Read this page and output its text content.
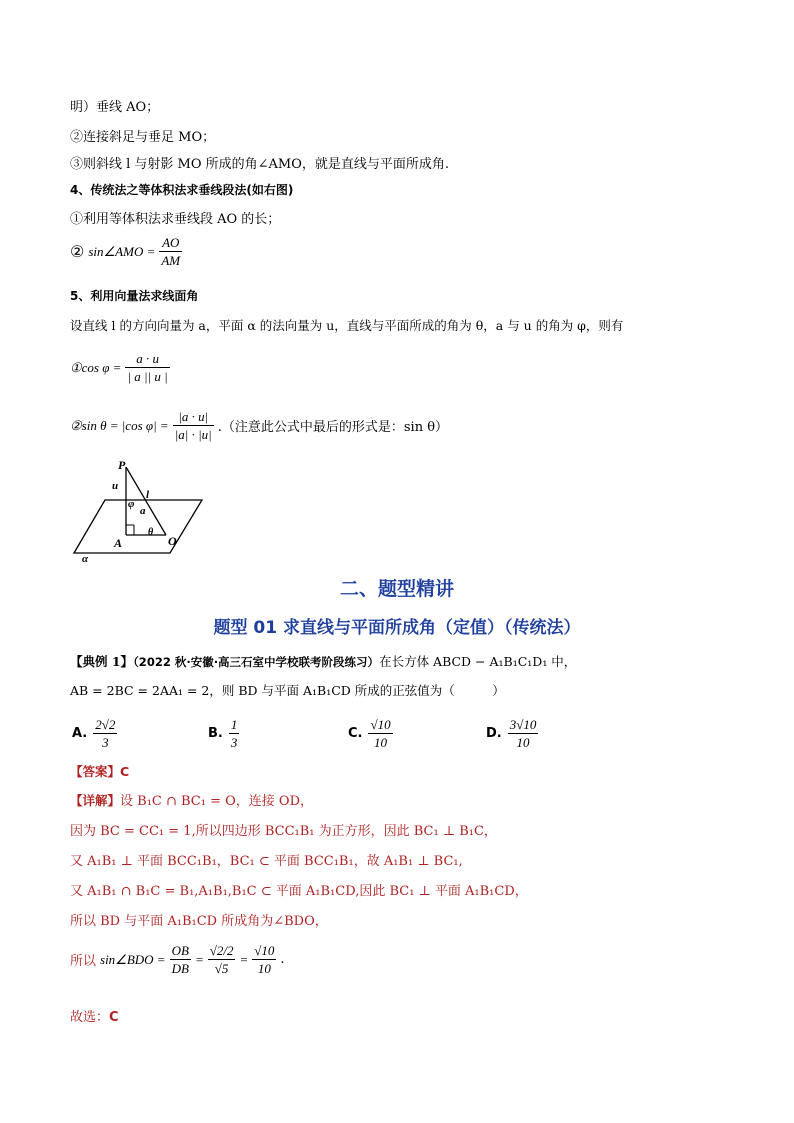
明）垂线 AO；
②连接斜足与垂足 MO；
③则斜线 l 与射影 MO 所成的角∠AMO，就是直线与平面所成角.
4、传统法之等体积法求垂线段法(如右图)
①利用等体积法求垂线段 AO 的长；
② sin∠AMO = $\frac{AO}{AM}$
5、利用向量法求线面角
设直线 l 的方向向量为 a，平面 α 的法向量为 u，直线与平面所成的角为 θ，a 与 u 的角为 φ，则有
①cos $\varphi = \frac{a \cdot u}{| a || u |}$
②sin θ = |cos $\varphi| = \frac{|a \cdot u|}{|a| \cdot |u|}$ .（注意此公式中最后的形式是：sin θ）
P
u
l
φ
a
θ
A	O
α
二、题型精讲
题型 01 求直线与平面所成角（定值）（传统法）
【典例 1】（2022 秋·安徽·高三石室中学校联考阶段练习）在长方体 ABCD − A₁B₁C₁D₁ 中，
AB = 2BC = 2AA₁ = 2，则 BD 与平面 A₁B₁CD 所成的正弦值为（　　　）
A. $\frac{2√2}{3}$	B. $\frac{1}{3}$	C. $\frac{√10}{10}$	D. $\frac{3√10}{10}$
【答案】C
【详解】设 B₁C ∩ BC₁ = O，连接 OD，
因为 BC = CC₁ = 1,所以四边形 BCC₁B₁ 为正方形，因此 BC₁ ⊥ B₁C，
又 A₁B₁ ⊥ 平面 BCC₁B₁，BC₁ ⊂ 平面 BCC₁B₁，故 A₁B₁ ⊥ BC₁,
又 A₁B₁ ∩ B₁C = B₁,A₁B₁,B₁C ⊂ 平面 A₁B₁CD,因此 BC₁ ⊥ 平面 A₁B₁CD，
所以 BD 与平面 A₁B₁CD 所成角为∠BDO，
所以 sin∠BDO = $\frac{OB}{DB} = \frac{√2/2}{√5} = \frac{√10}{10}$ .
故选：C
